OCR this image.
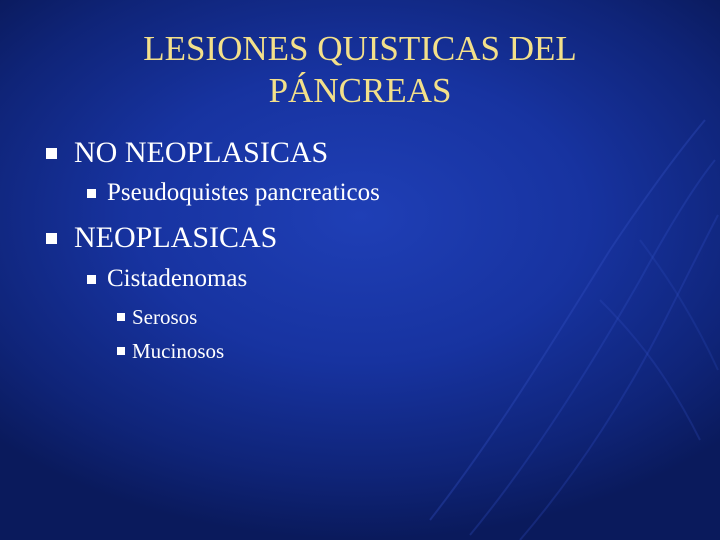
LESIONES QUISTICAS DEL
PÁNCREAS
NO NEOPLASICAS
Pseudoquistes pancreaticos
NEOPLASICAS
Cistadenomas
Serosos
Mucinosos
